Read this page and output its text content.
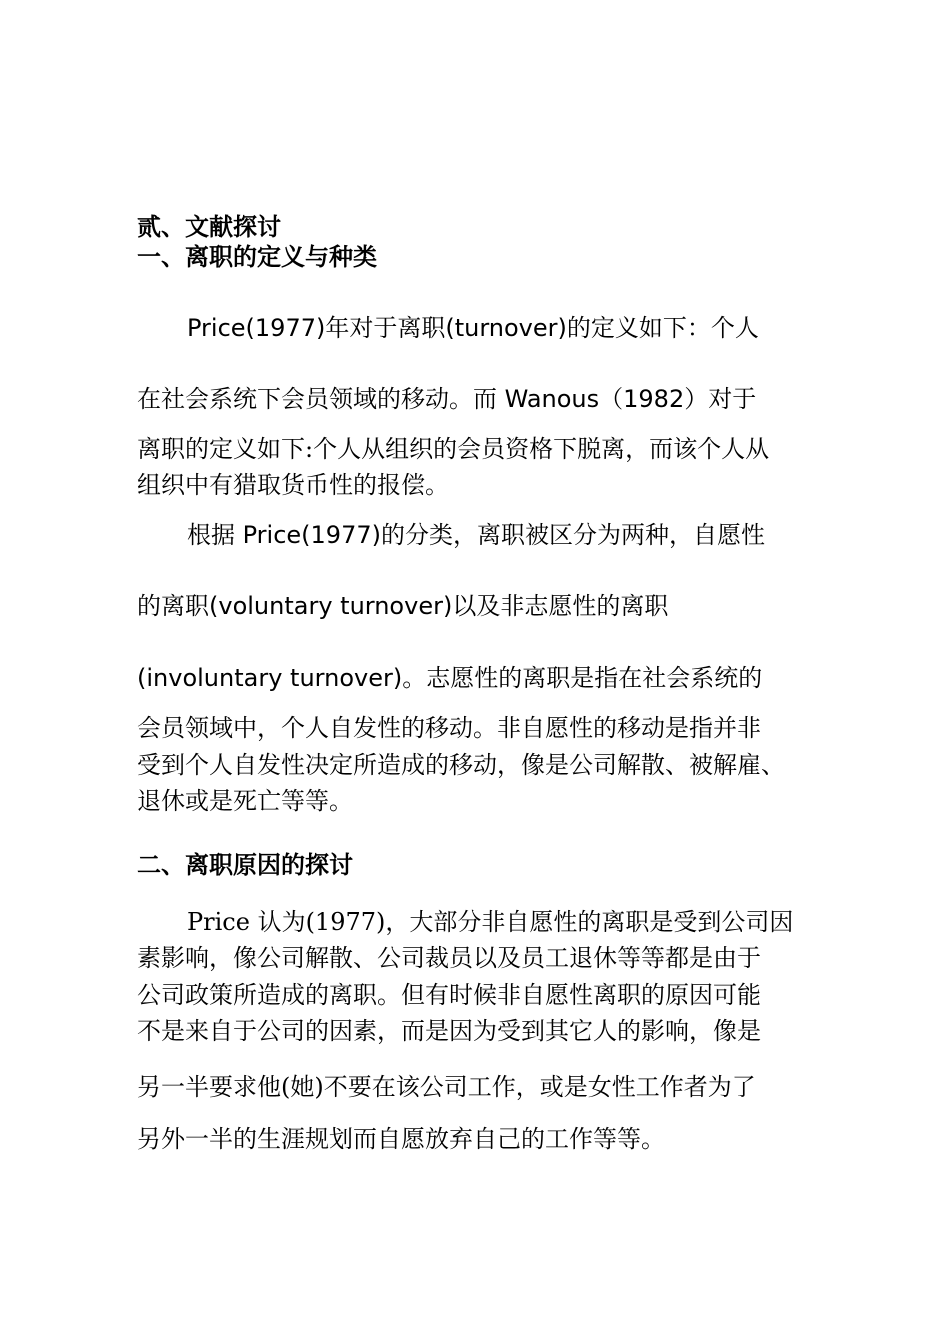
贰、文献探讨
一、离职的定义与种类
Price(1977)年对于离职(turnover)的定义如下：个人
在社会系统下会员领域的移动。而 Wanous（1982）对于
离职的定义如下:个人从组织的会员资格下脱离，而该个人从
组织中有猎取货币性的报偿。
根据 Price(1977)的分类，离职被区分为两种，自愿性
的离职(voluntary turnover)以及非志愿性的离职
(involuntary turnover)。志愿性的离职是指在社会系统的
会员领域中，个人自发性的移动。非自愿性的移动是指并非
受到个人自发性决定所造成的移动，像是公司解散、被解雇、
退休或是死亡等等。
二、离职原因的探讨
Price 认为(1977)，大部分非自愿性的离职是受到公司因
素影响，像公司解散、公司裁员以及员工退休等等都是由于
公司政策所造成的离职。但有时候非自愿性离职的原因可能
不是来自于公司的因素，而是因为受到其它人的影响，像是
另一半要求他(她)不要在该公司工作，或是女性工作者为了
另外一半的生涯规划而自愿放弃自己的工作等等。
